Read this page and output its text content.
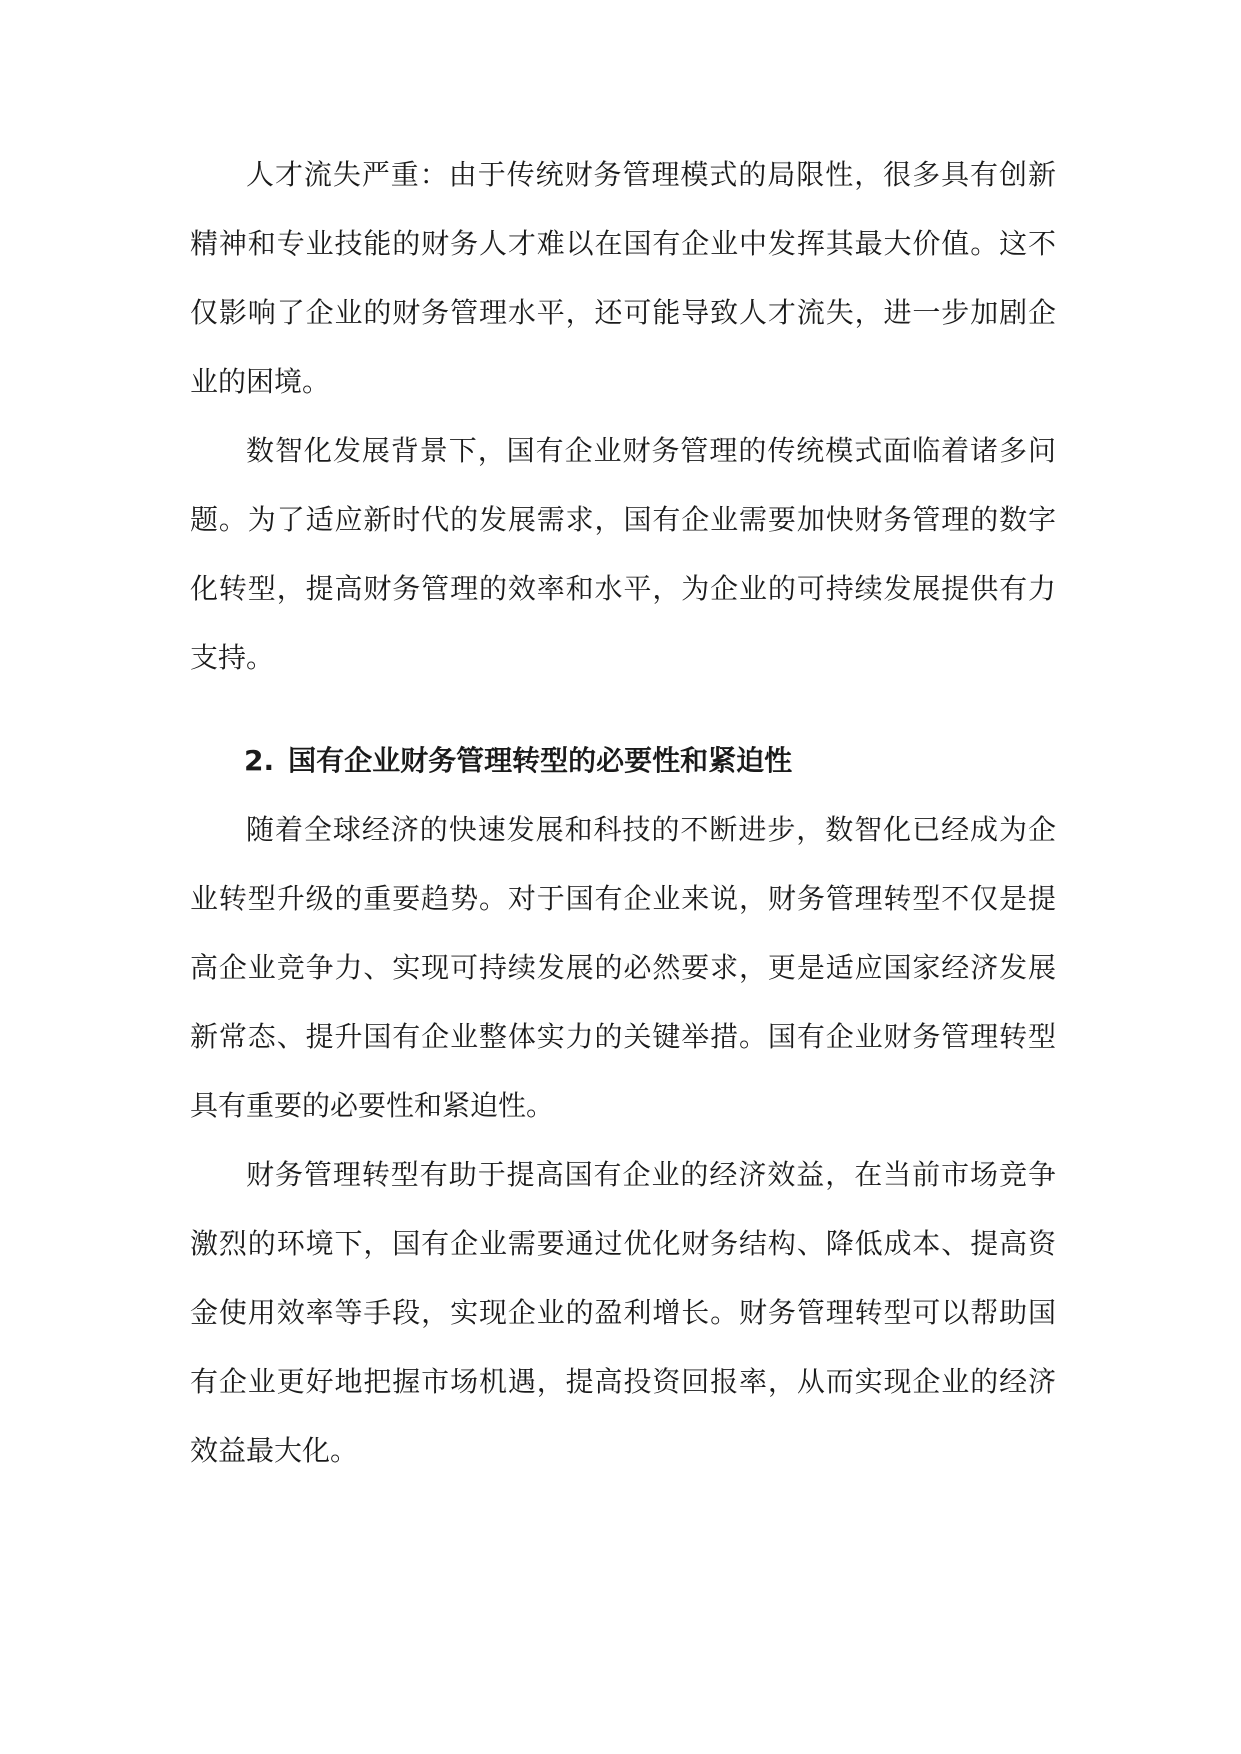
人才流失严重：由于传统财务管理模式的局限性，很多具有创新精神和专业技能的财务人才难以在国有企业中发挥其最大价值。这不仅影响了企业的财务管理水平，还可能导致人才流失，进一步加剧企业的困境。

数智化发展背景下，国有企业财务管理的传统模式面临着诸多问题。为了适应新时代的发展需求，国有企业需要加快财务管理的数字化转型，提高财务管理的效率和水平，为企业的可持续发展提供有力支持。

2. 国有企业财务管理转型的必要性和紧迫性

随着全球经济的快速发展和科技的不断进步，数智化已经成为企业转型升级的重要趋势。对于国有企业来说，财务管理转型不仅是提高企业竞争力、实现可持续发展的必然要求，更是适应国家经济发展新常态、提升国有企业整体实力的关键举措。国有企业财务管理转型具有重要的必要性和紧迫性。

财务管理转型有助于提高国有企业的经济效益，在当前市场竞争激烈的环境下，国有企业需要通过优化财务结构、降低成本、提高资金使用效率等手段，实现企业的盈利增长。财务管理转型可以帮助国有企业更好地把握市场机遇，提高投资回报率，从而实现企业的经济效益最大化。
